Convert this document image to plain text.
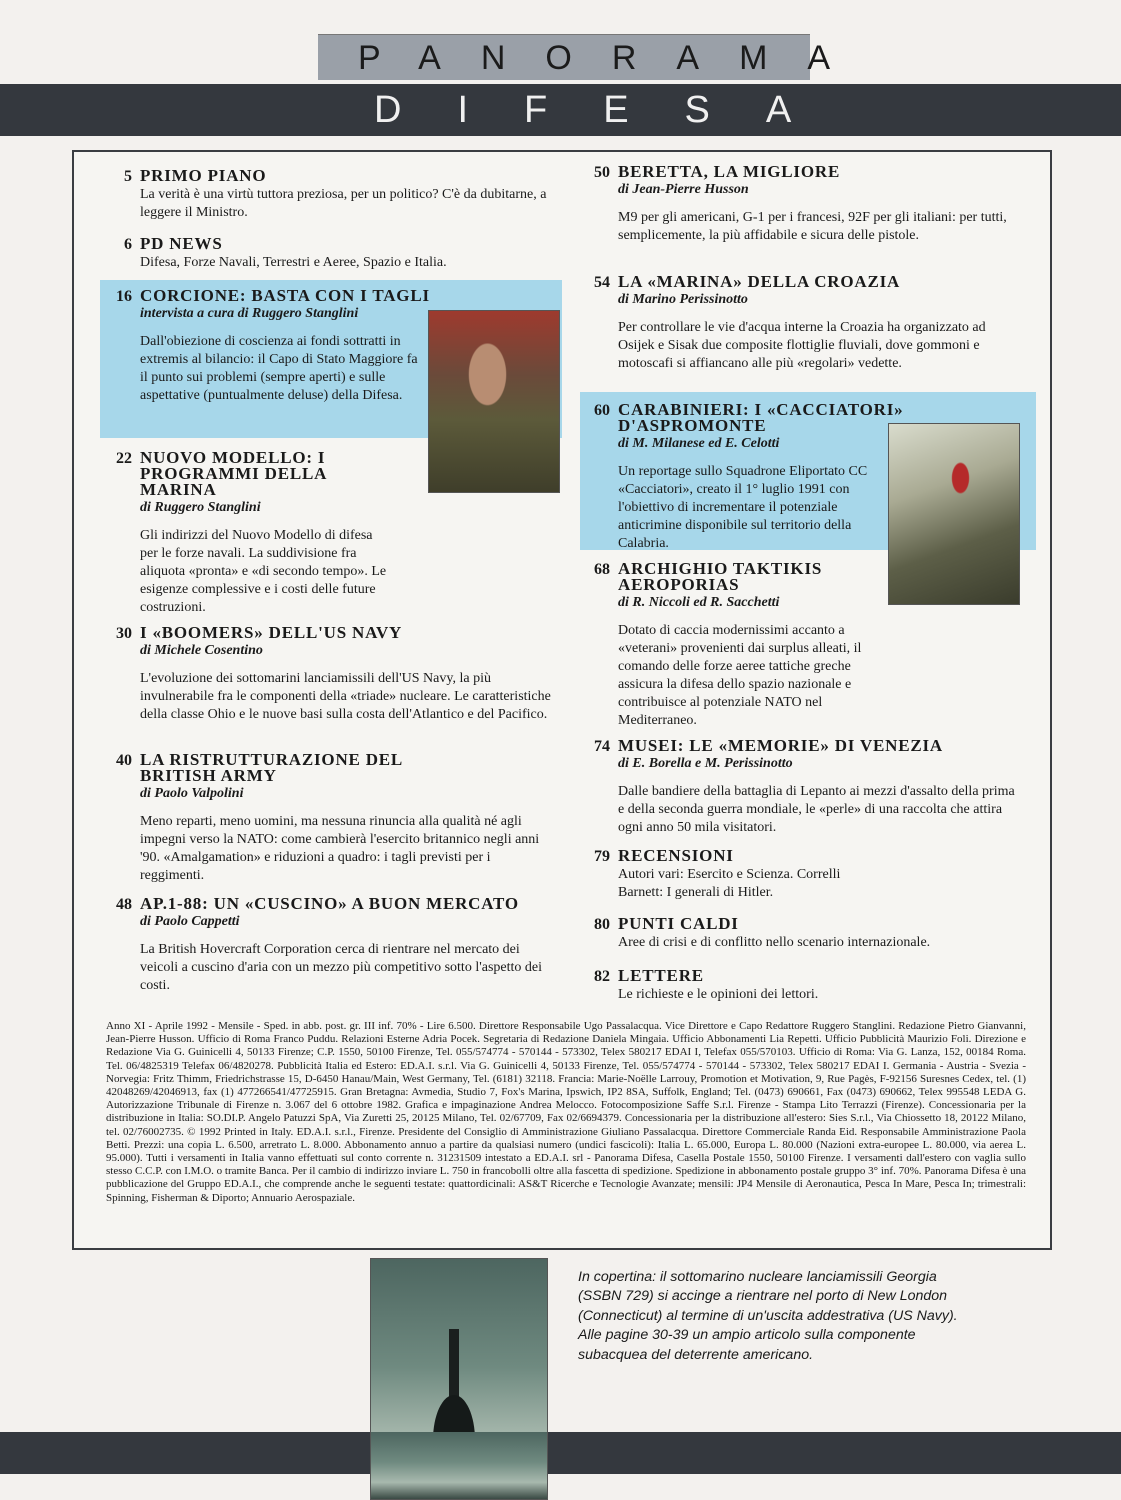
PANORAMA
DIFESA
5 PRIMO PIANO
La verità è una virtù tuttora preziosa, per un politico? C'è da dubitarne, a leggere il Ministro.
6 PD NEWS
Difesa, Forze Navali, Terrestri e Aeree, Spazio e Italia.
16 CORCIONE: BASTA CON I TAGLI
intervista a cura di Ruggero Stanglini
Dall'obiezione di coscienza ai fondi sottratti in extremis al bilancio: il Capo di Stato Maggiore fa il punto sui problemi (sempre aperti) e sulle aspettative (puntualmente deluse) della Difesa.
22 NUOVO MODELLO: I PROGRAMMI DELLA MARINA
di Ruggero Stanglini
Gli indirizzi del Nuovo Modello di difesa per le forze navali. La suddivisione fra aliquota «pronta» e «di secondo tempo». Le esigenze complessive e i costi delle future costruzioni.
30 I «BOOMERS» DELL'US NAVY
di Michele Cosentino
L'evoluzione dei sottomarini lanciamissili dell'US Navy, la più invulnerabile fra le componenti della «triade» nucleare. Le caratteristiche della classe Ohio e le nuove basi sulla costa dell'Atlantico e del Pacifico.
40 LA RISTRUTTURAZIONE DEL BRITISH ARMY
di Paolo Valpolini
Meno reparti, meno uomini, ma nessuna rinuncia alla qualità né agli impegni verso la NATO: come cambierà l'esercito britannico negli anni '90. «Amalgamation» e riduzioni a quadro: i tagli previsti per i reggimenti.
48 AP.1-88: UN «CUSCINO» A BUON MERCATO
di Paolo Cappetti
La British Hovercraft Corporation cerca di rientrare nel mercato dei veicoli a cuscino d'aria con un mezzo più competitivo sotto l'aspetto dei costi.
50 BERETTA, LA MIGLIORE
di Jean-Pierre Husson
M9 per gli americani, G-1 per i francesi, 92F per gli italiani: per tutti, semplicemente, la più affidabile e sicura delle pistole.
54 LA «MARINA» DELLA CROAZIA
di Marino Perissinotto
Per controllare le vie d'acqua interne la Croazia ha organizzato ad Osijek e Sisak due composite flottiglie fluviali, dove gommoni e motoscafi si affiancano alle più «regolari» vedette.
60 CARABINIERI: I «CACCIATORI» D'ASPROMONTE
di M. Milanese ed E. Celotti
Un reportage sullo Squadrone Eliportato CC «Cacciatori», creato il 1° luglio 1991 con l'obiettivo di incrementare il potenziale anticrimine disponibile sul territorio della Calabria.
68 ARCHIGHIO TAKTIKIS AEROPORIAS
di R. Niccoli ed R. Sacchetti
Dotato di caccia modernissimi accanto a «veterani» provenienti dai surplus alleati, il comando delle forze aeree tattiche greche assicura la difesa dello spazio nazionale e contribuisce al potenziale NATO nel Mediterraneo.
74 MUSEI: LE «MEMORIE» DI VENEZIA
di E. Borella e M. Perissinotto
Dalle bandiere della battaglia di Lepanto ai mezzi d'assalto della prima e della seconda guerra mondiale, le «perle» di una raccolta che attira ogni anno 50 mila visitatori.
79 RECENSIONI
Autori vari: Esercito e Scienza. Correlli Barnett: I generali di Hitler.
80 PUNTI CALDI
Aree di crisi e di conflitto nello scenario internazionale.
82 LETTERE
Le richieste e le opinioni dei lettori.
Anno XI - Aprile 1992 - Mensile - Sped. in abb. post. gr. III inf. 70% - Lire 6.500. Direttore Responsabile Ugo Passalacqua. Vice Direttore e Capo Redattore Ruggero Stanglini. Redazione Pietro Gianvanni, Jean-Pierre Husson. Ufficio di Roma Franco Puddu. Relazioni Esterne Adria Pocek. Segretaria di Redazione Daniela Mingaia. Ufficio Abbonamenti Lia Repetti. Ufficio Pubblicità Maurizio Foli. Direzione e Redazione Via G. Guinicelli 4, 50133 Firenze; C.P. 1550, 50100 Firenze, Tel. 055/574774 - 570144 - 573302, Telex 580217 EDAI I, Telefax 055/570103. Ufficio di Roma: Via G. Lanza, 152, 00184 Roma. Tel. 06/4825319 Telefax 06/4820278. Pubblicità Italia ed Estero: ED.A.I. s.r.l. Via G. Guinicelli 4, 50133 Firenze, Tel. 055/574774 - 570144 - 573302, Telex 580217 EDAI I. Germania - Austria - Svezia - Norvegia: Fritz Thimm, Friedrichstrasse 15, D-6450 Hanau/Main, West Germany, Tel. (6181) 32118. Francia: Marie-Noëlle Larrouy, Promotion et Motivation, 9, Rue Pagès, F-92156 Suresnes Cedex, tel. (1) 42048269/42046913, fax (1) 477266541/47725915. Gran Bretagna: Avmedia, Studio 7, Fox's Marina, Ipswich, IP2 8SA, Suffolk, England; Tel. (0473) 690661, Fax (0473) 690662, Telex 995548 LEDA G. Autorizzazione Tribunale di Firenze n. 3.067 del 6 ottobre 1982. Grafica e impaginazione Andrea Melocco. Fotocomposizione Saffe S.r.l. Firenze - Stampa Lito Terrazzi (Firenze). Concessionaria per la distribuzione in Italia: SO.DI.P. Angelo Patuzzi SpA, Via Zuretti 25, 20125 Milano, Tel. 02/67709, Fax 02/6694379. Concessionaria per la distribuzione all'estero: Sies S.r.l., Via Chiossetto 18, 20122 Milano, tel. 02/76002735. © 1992 Printed in Italy. ED.A.I. s.r.l., Firenze. Presidente del Consiglio di Amministrazione Giuliano Passalacqua. Direttore Commerciale Randa Eid. Responsabile Amministrazione Paola Betti. Prezzi: una copia L. 6.500, arretrato L. 8.000. Abbonamento annuo a partire da qualsiasi numero (undici fascicoli): Italia L. 65.000, Europa L. 80.000 (Nazioni extra-europee L. 80.000, via aerea L. 95.000). Tutti i versamenti in Italia vanno effettuati sul conto corrente n. 31231509 intestato a ED.A.I. srl - Panorama Difesa, Casella Postale 1550, 50100 Firenze. I versamenti dall'estero con vaglia sullo stesso C.C.P. con I.M.O. o tramite Banca. Per il cambio di indirizzo inviare L. 750 in francobolli oltre alla fascetta di spedizione. Spedizione in abbonamento postale gruppo 3° inf. 70%. Panorama Difesa è una pubblicazione del Gruppo ED.A.I., che comprende anche le seguenti testate: quattordicinali: AS&T Ricerche e Tecnologie Avanzate; mensili: JP4 Mensile di Aeronautica, Pesca In Mare, Pesca In; trimestrali: Spinning, Fisherman & Diporto; Annuario Aerospaziale.
In copertina: il sottomarino nucleare lanciamissili Georgia (SSBN 729) si accinge a rientrare nel porto di New London (Connecticut) al termine di un'uscita addestrativa (US Navy). Alle pagine 30-39 un ampio articolo sulla componente subacquea del deterrente americano.
